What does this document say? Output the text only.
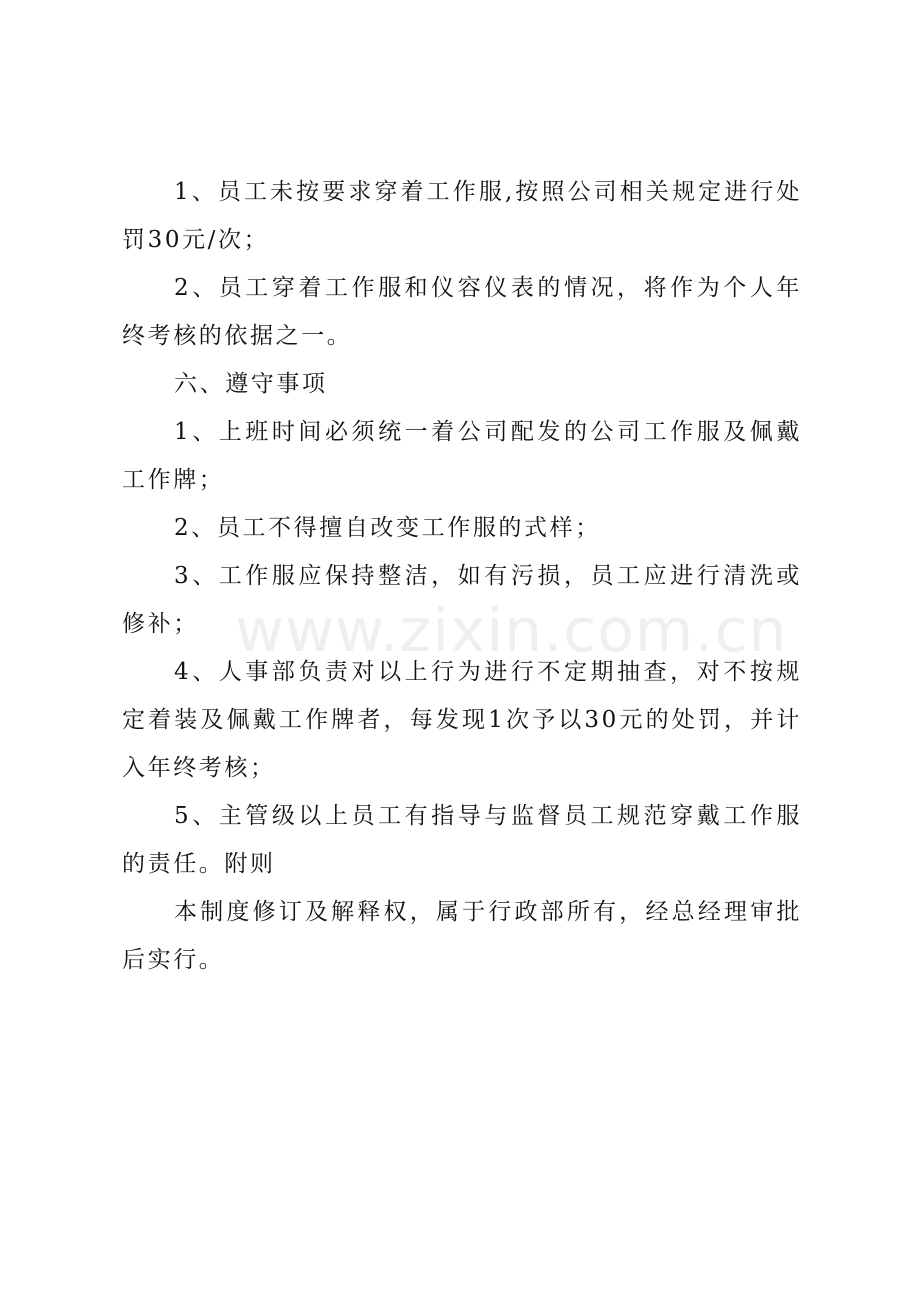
1、员工未按要求穿着工作服,按照公司相关规定进行处罚30元/次；

2、员工穿着工作服和仪容仪表的情况，将作为个人年终考核的依据之一。

六、遵守事项

1、上班时间必须统一着公司配发的公司工作服及佩戴工作牌；

2、员工不得擅自改变工作服的式样；

3、工作服应保持整洁，如有污损，员工应进行清洗或修补；

4、人事部负责对以上行为进行不定期抽查，对不按规定着装及佩戴工作牌者，每发现1次予以30元的处罚，并计入年终考核；

5、主管级以上员工有指导与监督员工规范穿戴工作服的责任。附则

本制度修订及解释权，属于行政部所有，经总经理审批后实行。

www.zixin.com.cn
